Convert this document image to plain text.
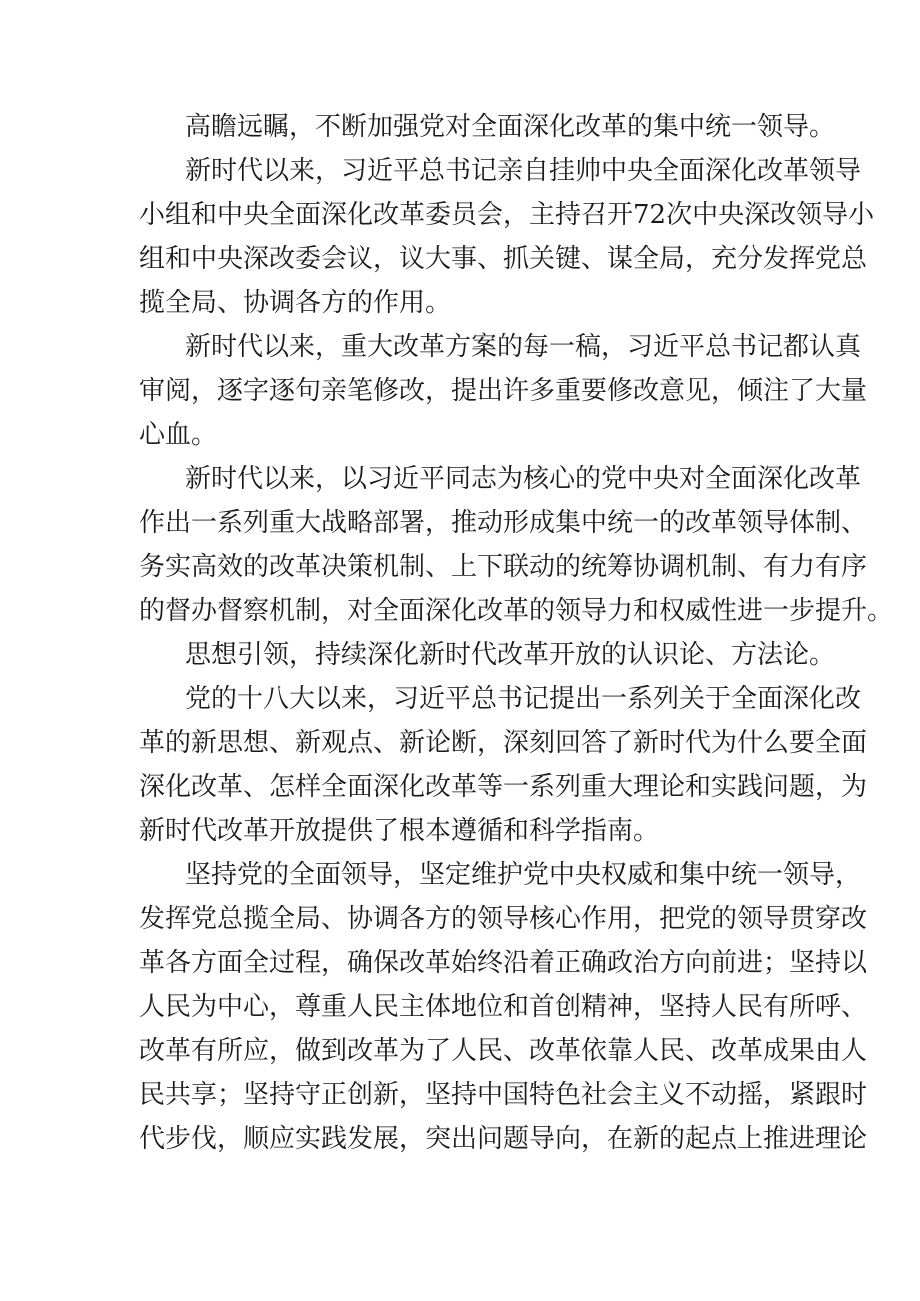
高瞻远瞩，不断加强党对全面深化改革的集中统一领导。
新时代以来，习近平总书记亲自挂帅中央全面深化改革领导
小组和中央全面深化改革委员会，主持召开72次中央深改领导小
组和中央深改委会议，议大事、抓关键、谋全局，充分发挥党总
揽全局、协调各方的作用。
新时代以来，重大改革方案的每一稿，习近平总书记都认真
审阅，逐字逐句亲笔修改，提出许多重要修改意见，倾注了大量
心血。
新时代以来，以习近平同志为核心的党中央对全面深化改革
作出一系列重大战略部署，推动形成集中统一的改革领导体制、
务实高效的改革决策机制、上下联动的统筹协调机制、有力有序
的督办督察机制，对全面深化改革的领导力和权威性进一步提升。
思想引领，持续深化新时代改革开放的认识论、方法论。
党的十八大以来，习近平总书记提出一系列关于全面深化改
革的新思想、新观点、新论断，深刻回答了新时代为什么要全面
深化改革、怎样全面深化改革等一系列重大理论和实践问题，为
新时代改革开放提供了根本遵循和科学指南。
坚持党的全面领导，坚定维护党中央权威和集中统一领导，
发挥党总揽全局、协调各方的领导核心作用，把党的领导贯穿改
革各方面全过程，确保改革始终沿着正确政治方向前进；坚持以
人民为中心，尊重人民主体地位和首创精神，坚持人民有所呼、
改革有所应，做到改革为了人民、改革依靠人民、改革成果由人
民共享；坚持守正创新，坚持中国特色社会主义不动摇，紧跟时
代步伐，顺应实践发展，突出问题导向，在新的起点上推进理论
